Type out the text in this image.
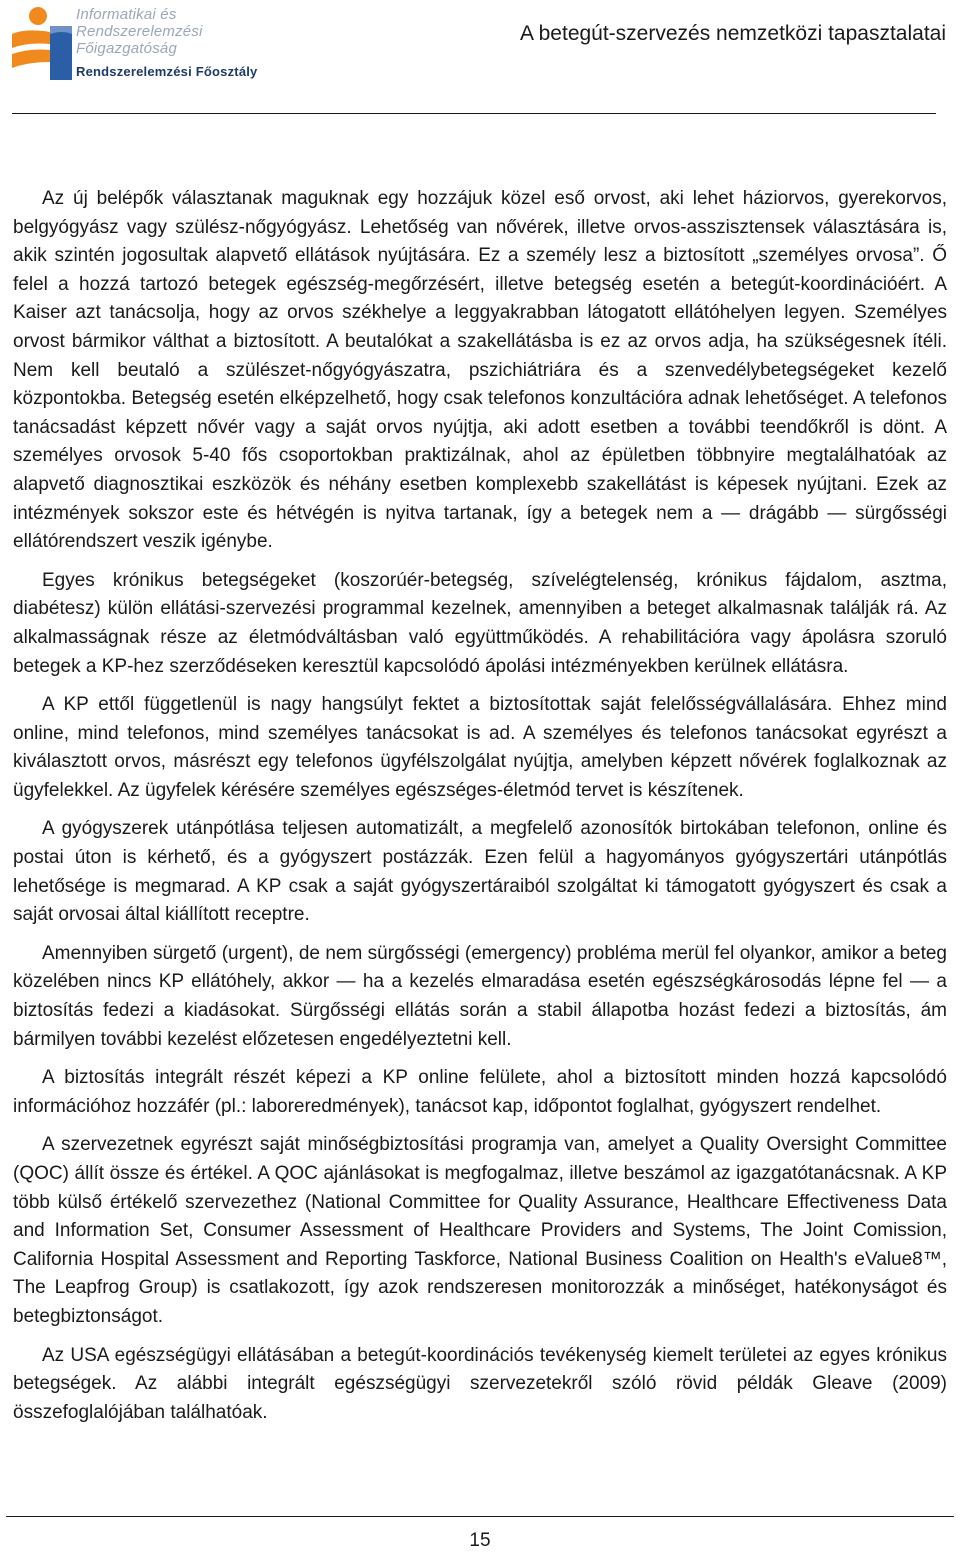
Informatikai és
Rendszerelemzési
Főigazgatóság
Rendszerelemzési Főosztály
A betegút-szervezés nemzetközi tapasztalatai

Az új belépők választanak maguknak egy hozzájuk közel eső orvost, aki lehet háziorvos, gyerekorvos, belgyógyász vagy szülész-nőgyógyász. Lehetőség van nővérek, illetve orvos-asszisztensek választására is, akik szintén jogosultak alapvető ellátások nyújtására. Ez a személy lesz a biztosított „személyes orvosa”. Ő felel a hozzá tartozó betegek egészség-megőrzésért, illetve betegség esetén a betegút-koordinációért. A Kaiser azt tanácsolja, hogy az orvos székhelye a leggyakrabban látogatott ellátóhelyen legyen. Személyes orvost bármikor válthat a biztosított. A beutalókat a szakellátásba is ez az orvos adja, ha szükségesnek ítéli. Nem kell beutaló a szülészet-nőgyógyászatra, pszichiátriára és a szenvedélybetegségeket kezelő központokba. Betegség esetén elképzelhető, hogy csak telefonos konzultációra adnak lehetőséget. A telefonos tanácsadást képzett nővér vagy a saját orvos nyújtja, aki adott esetben a további teendőkről is dönt. A személyes orvosok 5-40 fős csoportokban praktizálnak, ahol az épületben többnyire megtalálhatóak az alapvető diagnosztikai eszközök és néhány esetben komplexebb szakellátást is képesek nyújtani. Ezek az intézmények sokszor este és hétvégén is nyitva tartanak, így a betegek nem a — drágább — sürgősségi ellátórendszert veszik igénybe.

Egyes krónikus betegségeket (koszorúér-betegség, szívelégtelenség, krónikus fájdalom, asztma, diabétesz) külön ellátási-szervezési programmal kezelnek, amennyiben a beteget alkalmasnak találják rá. Az alkalmasságnak része az életmódváltásban való együttműködés. A rehabilitációra vagy ápolásra szoruló betegek a KP-hez szerződéseken keresztül kapcsolódó ápolási intézményekben kerülnek ellátásra.

A KP ettől függetlenül is nagy hangsúlyt fektet a biztosítottak saját felelősségvállalására. Ehhez mind online, mind telefonos, mind személyes tanácsokat is ad. A személyes és telefonos tanácsokat egyrészt a kiválasztott orvos, másrészt egy telefonos ügyfélszolgálat nyújtja, amelyben képzett nővérek foglalkoznak az ügyfelekkel. Az ügyfelek kérésére személyes egészséges-életmód tervet is készítenek.

A gyógyszerek utánpótlása teljesen automatizált, a megfelelő azonosítók birtokában telefonon, online és postai úton is kérhető, és a gyógyszert postázzák. Ezen felül a hagyományos gyógyszertári utánpótlás lehetősége is megmarad. A KP csak a saját gyógyszertáraiból szolgáltat ki támogatott gyógyszert és csak a saját orvosai által kiállított receptre.

Amennyiben sürgető (urgent), de nem sürgősségi (emergency) probléma merül fel olyankor, amikor a beteg közelében nincs KP ellátóhely, akkor — ha a kezelés elmaradása esetén egészségkárosodás lépne fel — a biztosítás fedezi a kiadásokat. Sürgősségi ellátás során a stabil állapotba hozást fedezi a biztosítás, ám bármilyen további kezelést előzetesen engedélyeztetni kell.

A biztosítás integrált részét képezi a KP online felülete, ahol a biztosított minden hozzá kapcsolódó információhoz hozzáfér (pl.: laboreredmények), tanácsot kap, időpontot foglalhat, gyógyszert rendelhet.

A szervezetnek egyrészt saját minőségbiztosítási programja van, amelyet a Quality Oversight Committee (QOC) állít össze és értékel. A QOC ajánlásokat is megfogalmaz, illetve beszámol az igazgatótanácsnak. A KP több külső értékelő szervezethez (National Committee for Quality Assurance, Healthcare Effectiveness Data and Information Set, Consumer Assessment of Healthcare Providers and Systems, The Joint Comission, California Hospital Assessment and Reporting Taskforce, National Business Coalition on Health's eValue8™, The Leapfrog Group) is csatlakozott, így azok rendszeresen monitorozzák a minőséget, hatékonyságot és betegbiztonságot.

Az USA egészségügyi ellátásában a betegút-koordinációs tevékenység kiemelt területei az egyes krónikus betegségek. Az alábbi integrált egészségügyi szervezetekről szóló rövid példák Gleave (2009) összefoglalójában találhatóak.

15
